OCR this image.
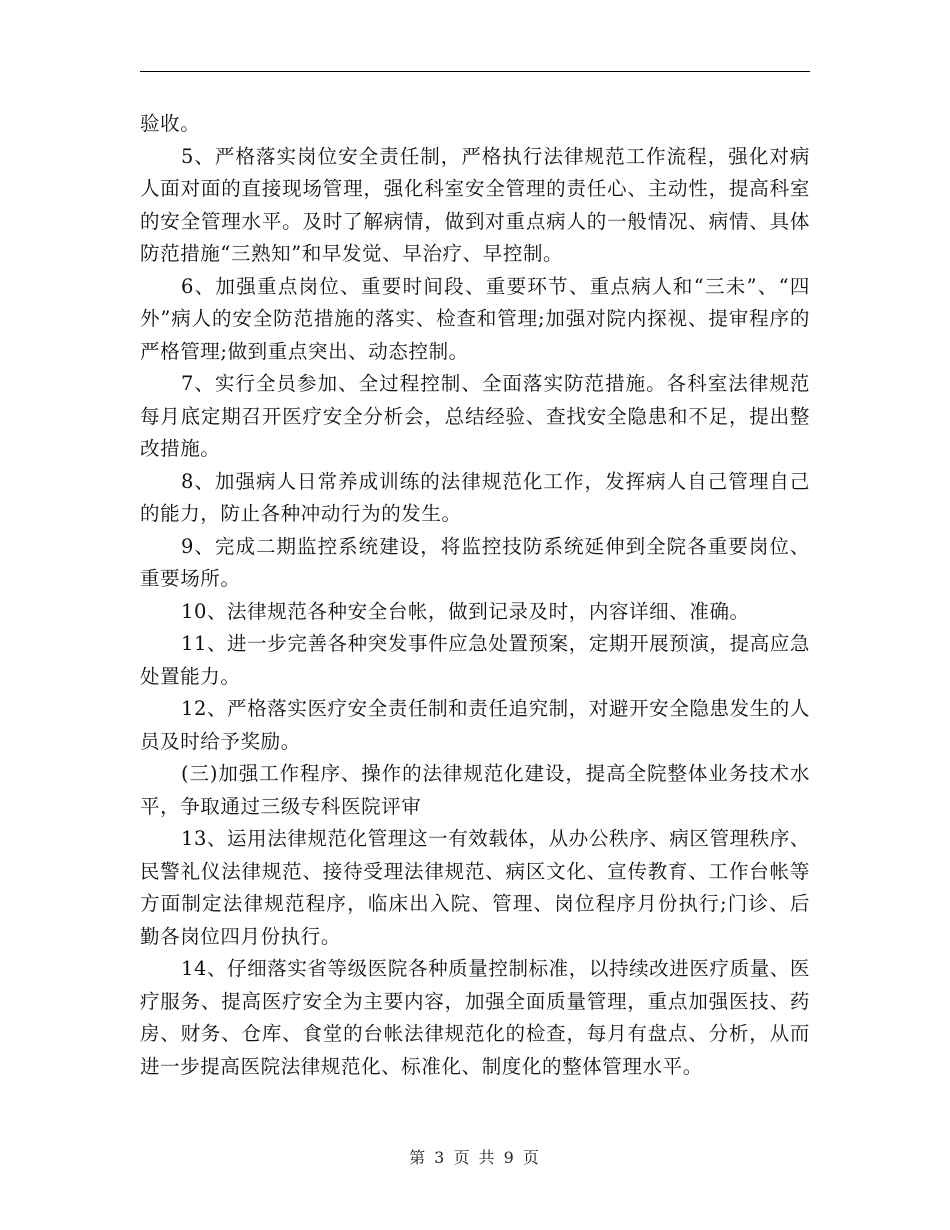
验收。

5、严格落实岗位安全责任制，严格执行法律规范工作流程，强化对病人面对面的直接现场管理，强化科室安全管理的责任心、主动性，提高科室的安全管理水平。及时了解病情，做到对重点病人的一般情况、病情、具体防范措施“三熟知”和早发觉、早治疗、早控制。

6、加强重点岗位、重要时间段、重要环节、重点病人和“三未”、“四外”病人的安全防范措施的落实、检查和管理;加强对院内探视、提审程序的严格管理;做到重点突出、动态控制。

7、实行全员参加、全过程控制、全面落实防范措施。各科室法律规范每月底定期召开医疗安全分析会，总结经验、查找安全隐患和不足，提出整改措施。

8、加强病人日常养成训练的法律规范化工作，发挥病人自己管理自己的能力，防止各种冲动行为的发生。

9、完成二期监控系统建设，将监控技防系统延伸到全院各重要岗位、重要场所。

10、法律规范各种安全台帐，做到记录及时，内容详细、准确。

11、进一步完善各种突发事件应急处置预案，定期开展预演，提高应急处置能力。

12、严格落实医疗安全责任制和责任追究制，对避开安全隐患发生的人员及时给予奖励。

(三)加强工作程序、操作的法律规范化建设，提高全院整体业务技术水平，争取通过三级专科医院评审

13、运用法律规范化管理这一有效载体，从办公秩序、病区管理秩序、民警礼仪法律规范、接待受理法律规范、病区文化、宣传教育、工作台帐等方面制定法律规范程序，临床出入院、管理、岗位程序月份执行;门诊、后勤各岗位四月份执行。

14、仔细落实省等级医院各种质量控制标准，以持续改进医疗质量、医疗服务、提高医疗安全为主要内容，加强全面质量管理，重点加强医技、药房、财务、仓库、食堂的台帐法律规范化的检查，每月有盘点、分析，从而进一步提高医院法律规范化、标准化、制度化的整体管理水平。

第 3 页 共 9 页
